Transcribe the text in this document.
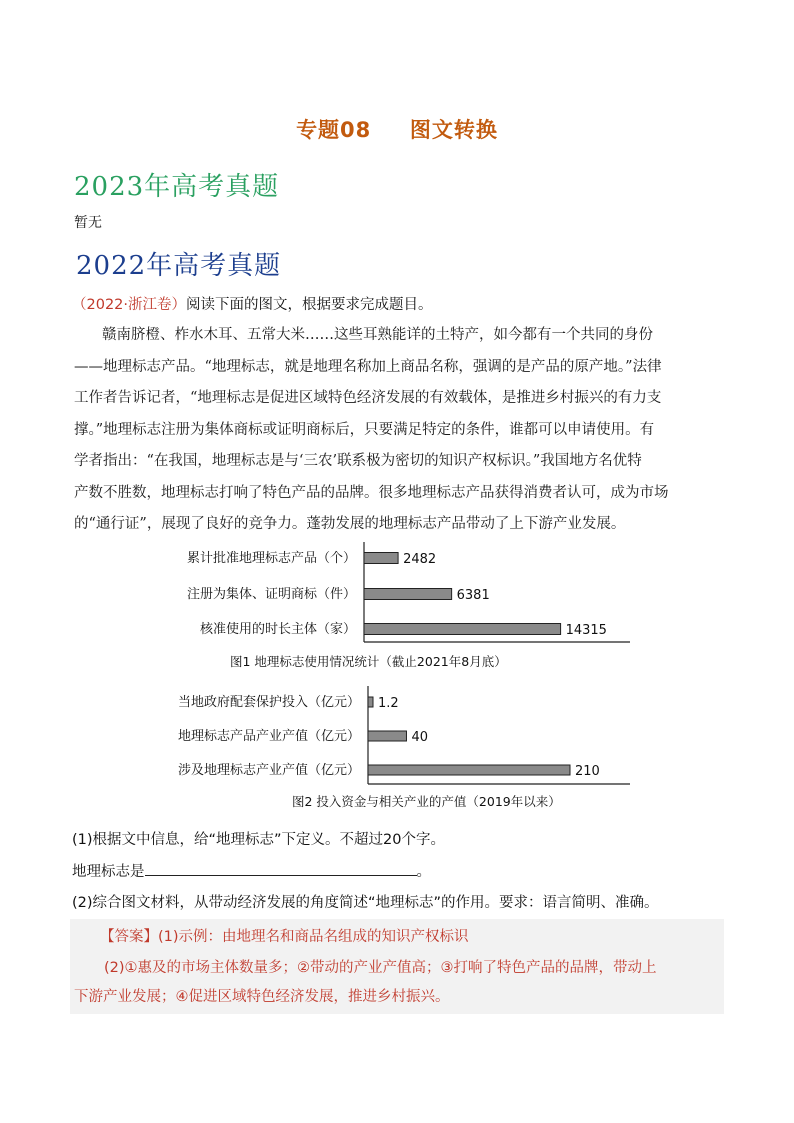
专题08 图文转换
2023年高考真题
暂无
2022年高考真题
（2022·浙江卷）阅读下面的图文，根据要求完成题目。
赣南脐橙、柞水木耳、五常大米……这些耳熟能详的土特产，如今都有一个共同的身份
——地理标志产品。“地理标志，就是地理名称加上商品名称，强调的是产品的原产地。”法律
工作者告诉记者，“地理标志是促进区域特色经济发展的有效载体，是推进乡村振兴的有力支
撑。”地理标志注册为集体商标或证明商标后，只要满足特定的条件，谁都可以申请使用。有
学者指出：“在我国，地理标志是与‘三农’联系极为密切的知识产权标识。”我国地方名优特
产数不胜数，地理标志打响了特色产品的品牌。很多地理标志产品获得消费者认可，成为市场
的“通行证”，展现了良好的竞争力。蓬勃发展的地理标志产品带动了上下游产业发展。
累计批准地理标志产品（个）	2482
注册为集体、证明商标（件）	6381
核准使用的时长主体（家）	14315
图1 地理标志使用情况统计（截止2021年8月底）
当地政府配套保护投入（亿元） 1.2
地理标志产品产业产值（亿元）	40
涉及地理标志产业产值（亿元）	210
图2 投入资金与相关产业的产值（2019年以来）
(1)根据文中信息，给“地理标志”下定义。不超过20个字。
地理标志是	。
(2)综合图文材料，从带动经济发展的角度简述“地理标志”的作用。要求：语言简明、准确。
【答案】(1)示例：由地理名和商品名组成的知识产权标识
(2)①惠及的市场主体数量多；②带动的产业产值高；③打响了特色产品的品牌，带动上
下游产业发展；④促进区域特色经济发展，推进乡村振兴。
